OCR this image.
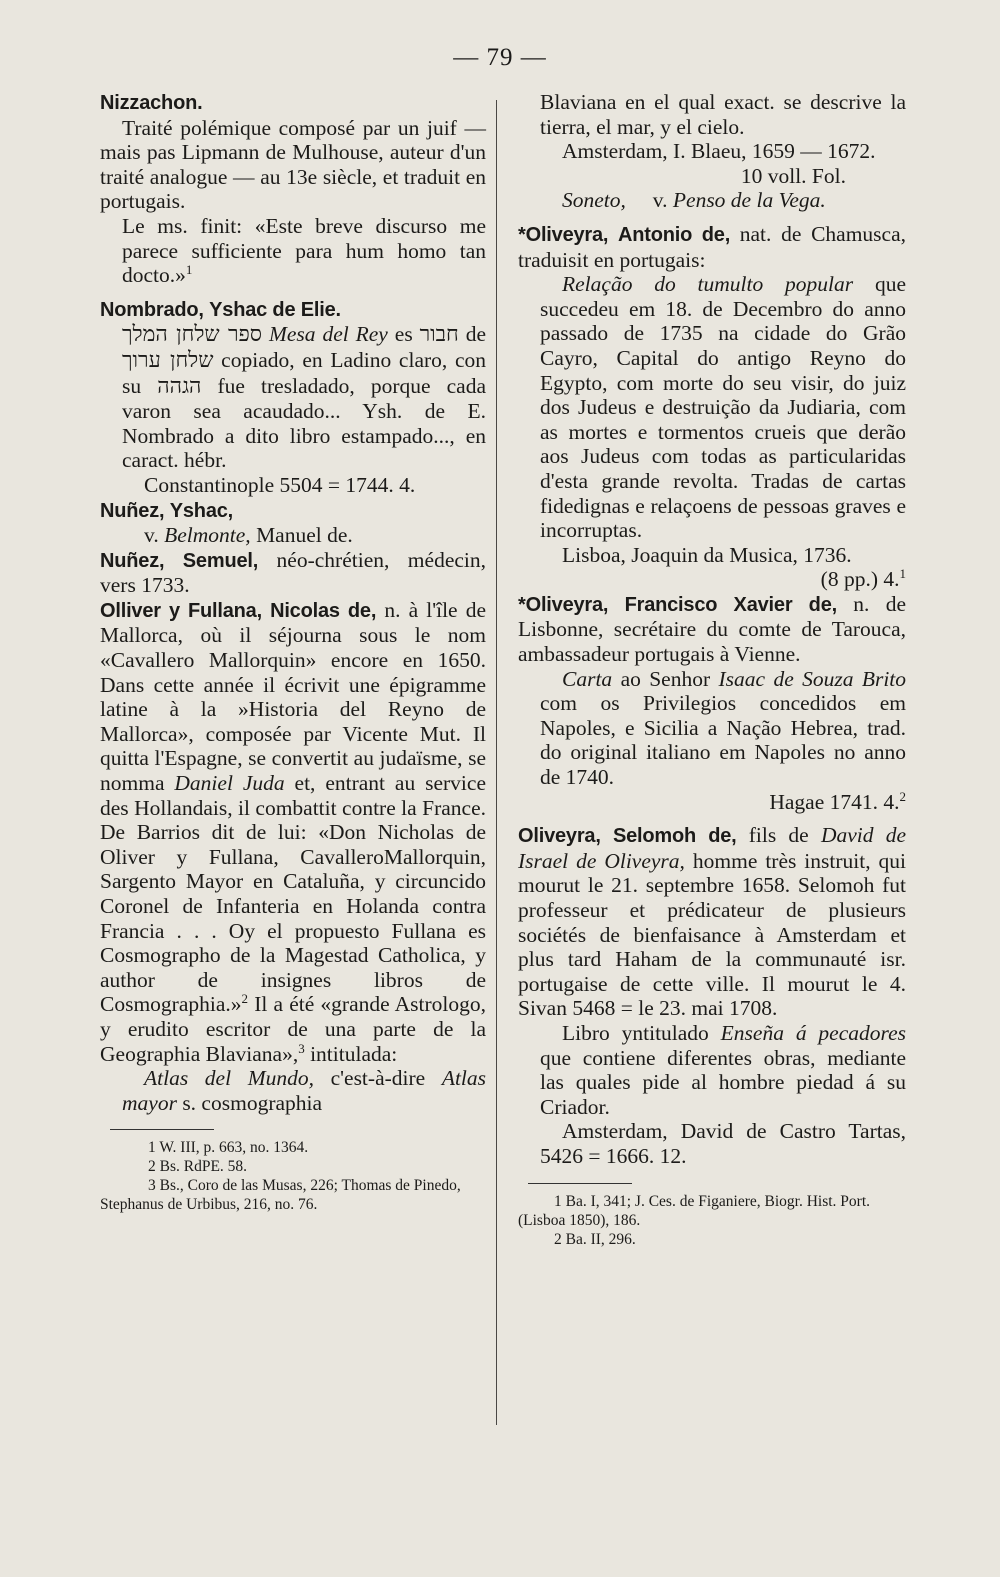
— 79 —

Nizzachon.

Traité polémique composé par un juif — mais pas Lipmann de Mulhouse, auteur d'un traité analogue — au 13e siècle, et traduit en portugais.

Le ms. finit: «Este breve discurso me parece sufficiente para hum homo tan docto.»$^1$

Nombrado, Yshac de Elie.

ספר שלחן המלך Mesa del Rey es חבור de שלחן ערוך copiado, en Ladino claro, con su הגהה fue tresladado, porque cada varon sea acaudado... Ysh. de E. Nombrado a dito libro estampado..., en caract. hébr.

Constantinople 5504 = 1744. 4.

Nuñez, Yshac,

v. Belmonte, Manuel de.

Nuñez, Semuel, néo-chrétien, médecin, vers 1733.

Olliver y Fullana, Nicolas de, n. à l'île de Mallorca, où il séjourna sous le nom «Cavallero Mallorquin» encore en 1650. Dans cette année il écrivit une épigramme latine à la »Historia del Reyno de Mallorca», composée par Vicente Mut. Il quitta l'Espagne, se convertit au judaïsme, se nomma Daniel Juda et, entrant au service des Hollandais, il combattit contre la France. De Barrios dit de lui: «Don Nicholas de Oliver y Fullana, CavalleroMallorquin, Sargento Mayor en Cataluña, y circuncido Coronel de Infanteria en Holanda contra Francia . . . Oy el propuesto Fullana es Cosmographo de la Magestad Catholica, y author de insignes libros de Cosmographia.»$^2$ Il a été «grande Astrologo, y erudito escritor de una parte de la Geographia Blaviana»,$^3$ intitulada:

Atlas del Mundo, c'est-à-dire Atlas mayor s. cosmographia

1 W. III, p. 663, no. 1364.

2 Bs. RdPE. 58.

3 Bs., Coro de las Musas, 226; Thomas de Pinedo, Stephanus de Urbibus, 216, no. 76.

Blaviana en el qual exact. se descrive la tierra, el mar, y el cielo.

Amsterdam, I. Blaeu, 1659 — 1672.

10 voll. Fol.

Soneto, v. Penso de la Vega.

*Oliveyra, Antonio de, nat. de Chamusca, traduisit en portugais:

Relação do tumulto popular que succedeu em 18. de Decembro do anno passado de 1735 na cidade do Grão Cayro, Capital do antigo Reyno do Egypto, com morte do seu visir, do juiz dos Judeus e destruição da Judiaria, com as mortes e tormentos crueis que derão aos Judeus com todas as particularidas d'esta grande revolta. Tradas de cartas fidedignas e relaçoens de pessoas graves e incorruptas.

Lisboa, Joaquin da Musica, 1736.

(8 pp.) 4.$^1$

*Oliveyra, Francisco Xavier de, n. de Lisbonne, secrétaire du comte de Tarouca, ambassadeur portugais à Vienne.

Carta ao Senhor Isaac de Souza Brito com os Privilegios concedidos em Napoles, e Sicilia a Nação Hebrea, trad. do original italiano em Napoles no anno de 1740.

Hagae 1741. 4.$^2$

Oliveyra, Selomoh de, fils de David de Israel de Oliveyra, homme très instruit, qui mourut le 21. septembre 1658. Selomoh fut professeur et prédicateur de plusieurs sociétés de bienfaisance à Amsterdam et plus tard Haham de la communauté isr. portugaise de cette ville. Il mourut le 4. Sivan 5468 = le 23. mai 1708.

Libro yntitulado Enseña á pecadores que contiene diferentes obras, mediante las quales pide al hombre piedad á su Criador.

Amsterdam, David de Castro Tartas, 5426 = 1666. 12.

1 Ba. I, 341; J. Ces. de Figaniere, Biogr. Hist. Port. (Lisboa 1850), 186.

2 Ba. II, 296.
